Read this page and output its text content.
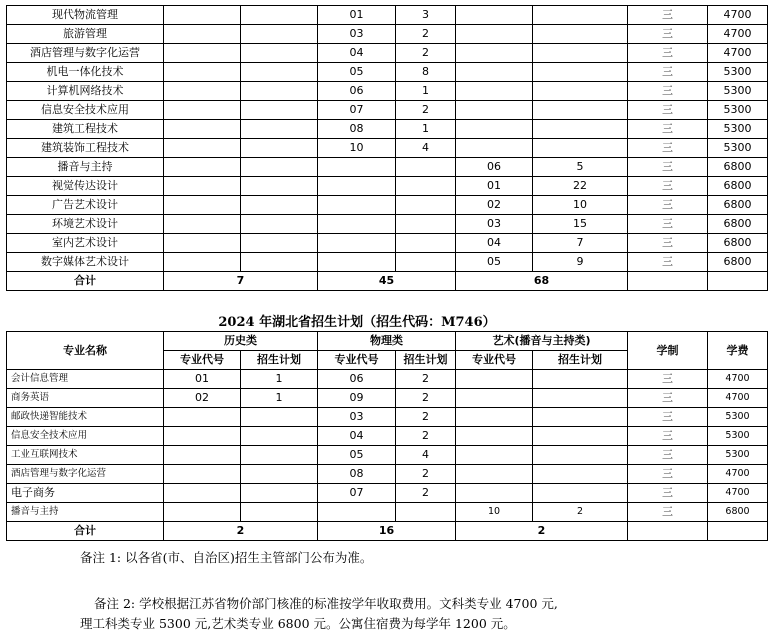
现代物流管理			01	3			三	4700
旅游管理			03	2			三	4700
酒店管理与数字化运营			04	2			三	4700
机电一体化技术			05	8			三	5300
计算机网络技术			06	1			三	5300
信息安全技术应用			07	2			三	5300
建筑工程技术			08	1			三	5300
建筑装饰工程技术			10	4			三	5300
播音与主持					06	5	三	6800
视觉传达设计					01	22	三	6800
广告艺术设计					02	10	三	6800
环境艺术设计					03	15	三	6800
室内艺术设计					04	7	三	6800
数字媒体艺术设计					05	9	三	6800
合计	7		45		68			
2024 年湖北省招生计划（招生代码：M746）
专业名称	历史类		物理类		艺术(播音与主持类)		学制	学费
	专业代号	招生计划	专业代号	招生计划	专业代号	招生计划		
会计信息管理	01	1	06	2			三	4700
商务英语	02	1	09	2			三	4700
邮政快递智能技术			03	2			三	5300
信息安全技术应用			04	2			三	5300
工业互联网技术			05	4			三	5300
酒店管理与数字化运营			08	2			三	4700
电子商务			07	2			三	4700
播音与主持					10	2	三	6800
合计	2		16		2			
备注 1: 以各省(市、自治区)招生主管部门公布为准。
备注 2: 学校根据江苏省物价部门核准的标准按学年收取费用。文科类专业 4700 元,
理工科类专业 5300 元,艺术类专业 6800 元。公寓住宿费为每学年 1200 元。
